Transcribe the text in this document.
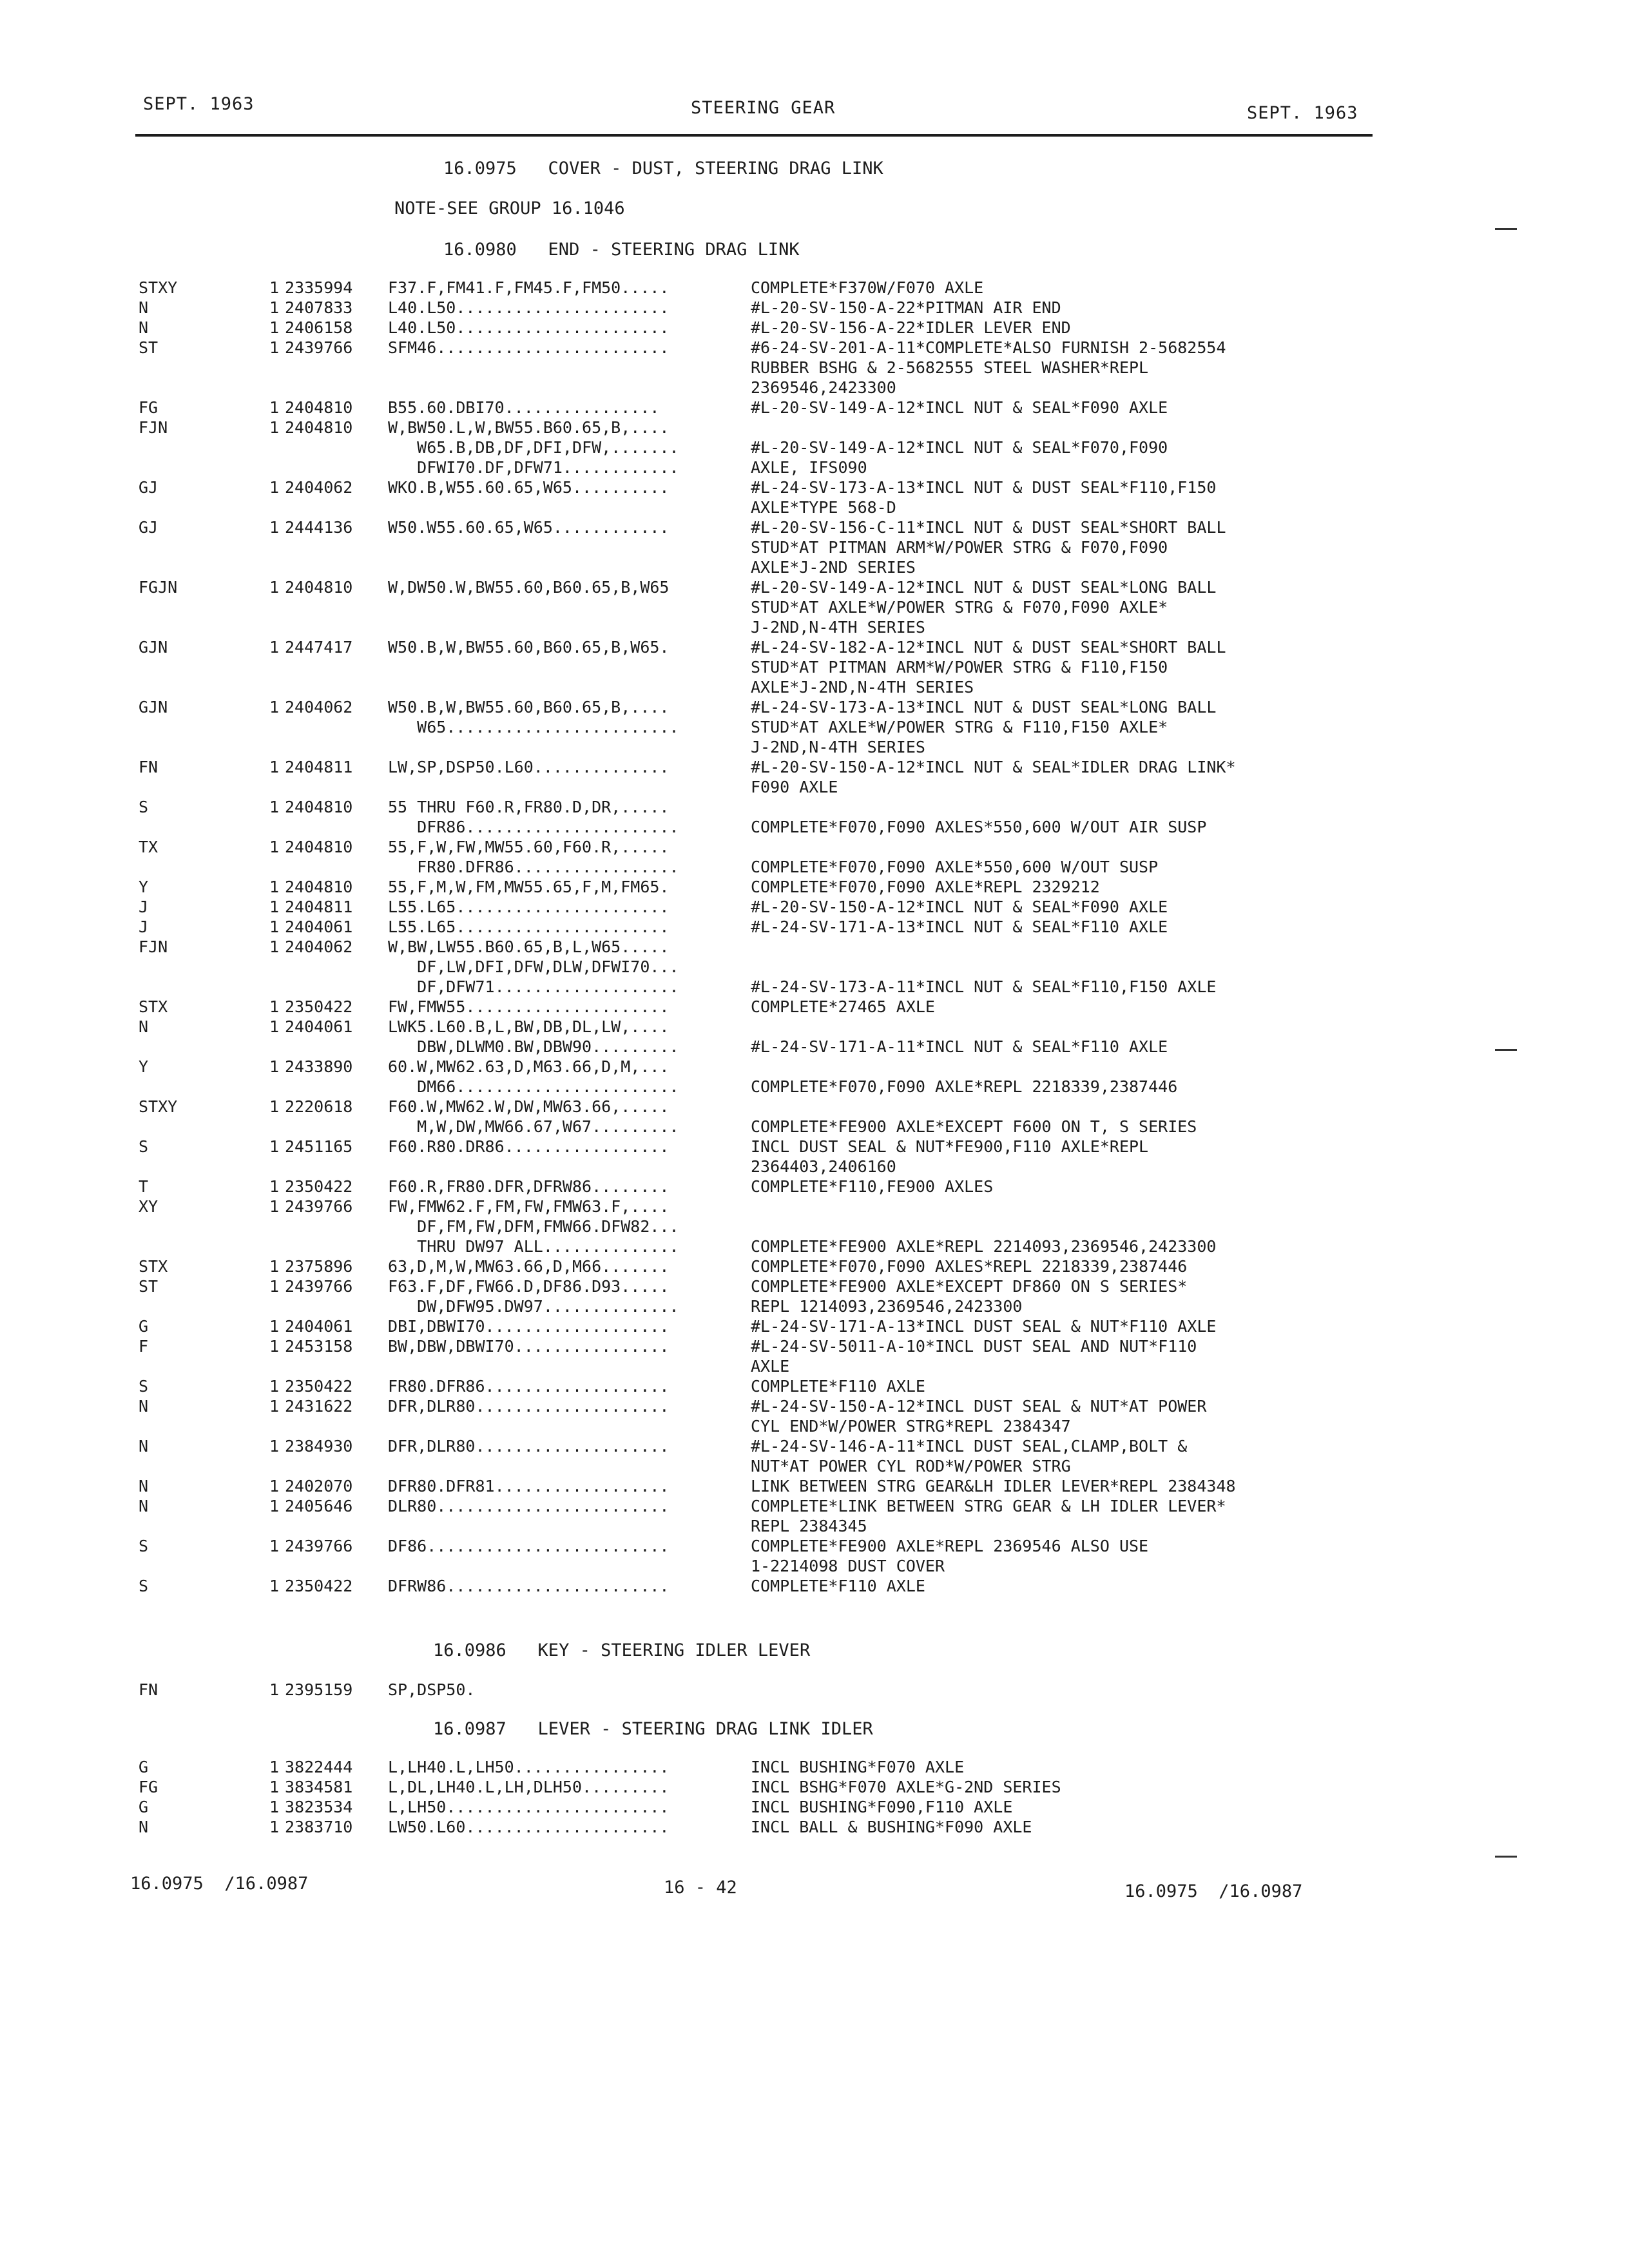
SEPT. 1963	STEERING GEAR	SEPT. 1963
16.0975   COVER - DUST, STEERING DRAG LINK
NOTE-SEE GROUP 16.1046
16.0980   END - STEERING DRAG LINK
STXY	1 2335994 F37.F,FM41.F,FM45.F,FM50.....	COMPLETE*F370W/F070 AXLE
N	1 2407833 L40.L50......................	#L-20-SV-150-A-22*PITMAN AIR END
N	1 2406158 L40.L50......................	#L-20-SV-156-A-22*IDLER LEVER END
ST	1 2439766 SFM46........................	#6-24-SV-201-A-11*COMPLETE*ALSO FURNISH 2-5682554
RUBBER BSHG & 2-5682555 STEEL WASHER*REPL
2369546,2423300
FG	1 2404810 B55.60.DBI70................	#L-20-SV-149-A-12*INCL NUT & SEAL*F090 AXLE
FJN	1 2404810 W,BW50.L,W,BW55.B60.65,B,....
W65.B,DB,DF,DFI,DFW,.......	#L-20-SV-149-A-12*INCL NUT & SEAL*F070,F090
DFWI70.DF,DFW71............	AXLE, IFS090
GJ	1 2404062 WKO.B,W55.60.65,W65..........	#L-24-SV-173-A-13*INCL NUT & DUST SEAL*F110,F150
AXLE*TYPE 568-D
GJ	1 2444136 W50.W55.60.65,W65............	#L-20-SV-156-C-11*INCL NUT & DUST SEAL*SHORT BALL
STUD*AT PITMAN ARM*W/POWER STRG & F070,F090
AXLE*J-2ND SERIES
FGJN	1 2404810 W,DW50.W,BW55.60,B60.65,B,W65	#L-20-SV-149-A-12*INCL NUT & DUST SEAL*LONG BALL
STUD*AT AXLE*W/POWER STRG & F070,F090 AXLE*
J-2ND,N-4TH SERIES
GJN	1 2447417 W50.B,W,BW55.60,B60.65,B,W65.	#L-24-SV-182-A-12*INCL NUT & DUST SEAL*SHORT BALL
STUD*AT PITMAN ARM*W/POWER STRG & F110,F150
AXLE*J-2ND,N-4TH SERIES
GJN	1 2404062 W50.B,W,BW55.60,B60.65,B,....	#L-24-SV-173-A-13*INCL NUT & DUST SEAL*LONG BALL
W65........................	STUD*AT AXLE*W/POWER STRG & F110,F150 AXLE*
J-2ND,N-4TH SERIES
FN	1 2404811 LW,SP,DSP50.L60..............	#L-20-SV-150-A-12*INCL NUT & SEAL*IDLER DRAG LINK*
F090 AXLE
S	1 2404810 55 THRU F60.R,FR80.D,DR,.....
DFR86......................	COMPLETE*F070,F090 AXLES*550,600 W/OUT AIR SUSP
TX	1 2404810 55,F,W,FW,MW55.60,F60.R,.....
FR80.DFR86.................	COMPLETE*F070,F090 AXLE*550,600 W/OUT SUSP
Y	1 2404810 55,F,M,W,FM,MW55.65,F,M,FM65.	COMPLETE*F070,F090 AXLE*REPL 2329212
J	1 2404811 L55.L65......................	#L-20-SV-150-A-12*INCL NUT & SEAL*F090 AXLE
J	1 2404061 L55.L65......................	#L-24-SV-171-A-13*INCL NUT & SEAL*F110 AXLE
FJN	1 2404062 W,BW,LW55.B60.65,B,L,W65.....
DF,LW,DFI,DFW,DLW,DFWI70...
DF,DFW71...................	#L-24-SV-173-A-11*INCL NUT & SEAL*F110,F150 AXLE
STX	1 2350422 FW,FMW55.....................	COMPLETE*27465 AXLE
N	1 2404061 LWK5.L60.B,L,BW,DB,DL,LW,....
DBW,DLWM0.BW,DBW90.........	#L-24-SV-171-A-11*INCL NUT & SEAL*F110 AXLE
Y	1 2433890 60.W,MW62.63,D,M63.66,D,M,...
DM66.......................	COMPLETE*F070,F090 AXLE*REPL 2218339,2387446
STXY	1 2220618 F60.W,MW62.W,DW,MW63.66,.....
M,W,DW,MW66.67,W67.........	COMPLETE*FE900 AXLE*EXCEPT F600 ON T, S SERIES
S	1 2451165 F60.R80.DR86.................	INCL DUST SEAL & NUT*FE900,F110 AXLE*REPL
2364403,2406160
T	1 2350422 F60.R,FR80.DFR,DFRW86........	COMPLETE*F110,FE900 AXLES
XY	1 2439766 FW,FMW62.F,FM,FW,FMW63.F,....
DF,FM,FW,DFM,FMW66.DFW82...
THRU DW97 ALL..............	COMPLETE*FE900 AXLE*REPL 2214093,2369546,2423300
STX	1 2375896 63,D,M,W,MW63.66,D,M66.......	COMPLETE*F070,F090 AXLES*REPL 2218339,2387446
ST	1 2439766 F63.F,DF,FW66.D,DF86.D93.....	COMPLETE*FE900 AXLE*EXCEPT DF860 ON S SERIES*
DW,DFW95.DW97..............	REPL 1214093,2369546,2423300
G	1 2404061 DBI,DBWI70...................	#L-24-SV-171-A-13*INCL DUST SEAL & NUT*F110 AXLE
F	1 2453158 BW,DBW,DBWI70................	#L-24-SV-5011-A-10*INCL DUST SEAL AND NUT*F110
AXLE
S	1 2350422 FR80.DFR86...................	COMPLETE*F110 AXLE
N	1 2431622 DFR,DLR80....................	#L-24-SV-150-A-12*INCL DUST SEAL & NUT*AT POWER
CYL END*W/POWER STRG*REPL 2384347
N	1 2384930 DFR,DLR80....................	#L-24-SV-146-A-11*INCL DUST SEAL,CLAMP,BOLT &
NUT*AT POWER CYL ROD*W/POWER STRG
N	1 2402070 DFR80.DFR81..................	LINK BETWEEN STRG GEAR&LH IDLER LEVER*REPL 2384348
N	1 2405646 DLR80........................	COMPLETE*LINK BETWEEN STRG GEAR & LH IDLER LEVER*
REPL 2384345
S	1 2439766 DF86.........................	COMPLETE*FE900 AXLE*REPL 2369546 ALSO USE
1-2214098 DUST COVER
S	1 2350422 DFRW86.......................	COMPLETE*F110 AXLE
16.0986   KEY - STEERING IDLER LEVER
FN	1 2395159 SP,DSP50.
16.0987   LEVER - STEERING DRAG LINK IDLER
G	1 3822444 L,LH40.L,LH50................	INCL BUSHING*F070 AXLE
FG	1 3834581 L,DL,LH40.L,LH,DLH50.........	INCL BSHG*F070 AXLE*G-2ND SERIES
G	1 3823534 L,LH50.......................	INCL BUSHING*F090,F110 AXLE
N	1 2383710 LW50.L60.....................	INCL BALL & BUSHING*F090 AXLE
16.0975  /16.0987	16 - 42	16.0975  /16.0987
